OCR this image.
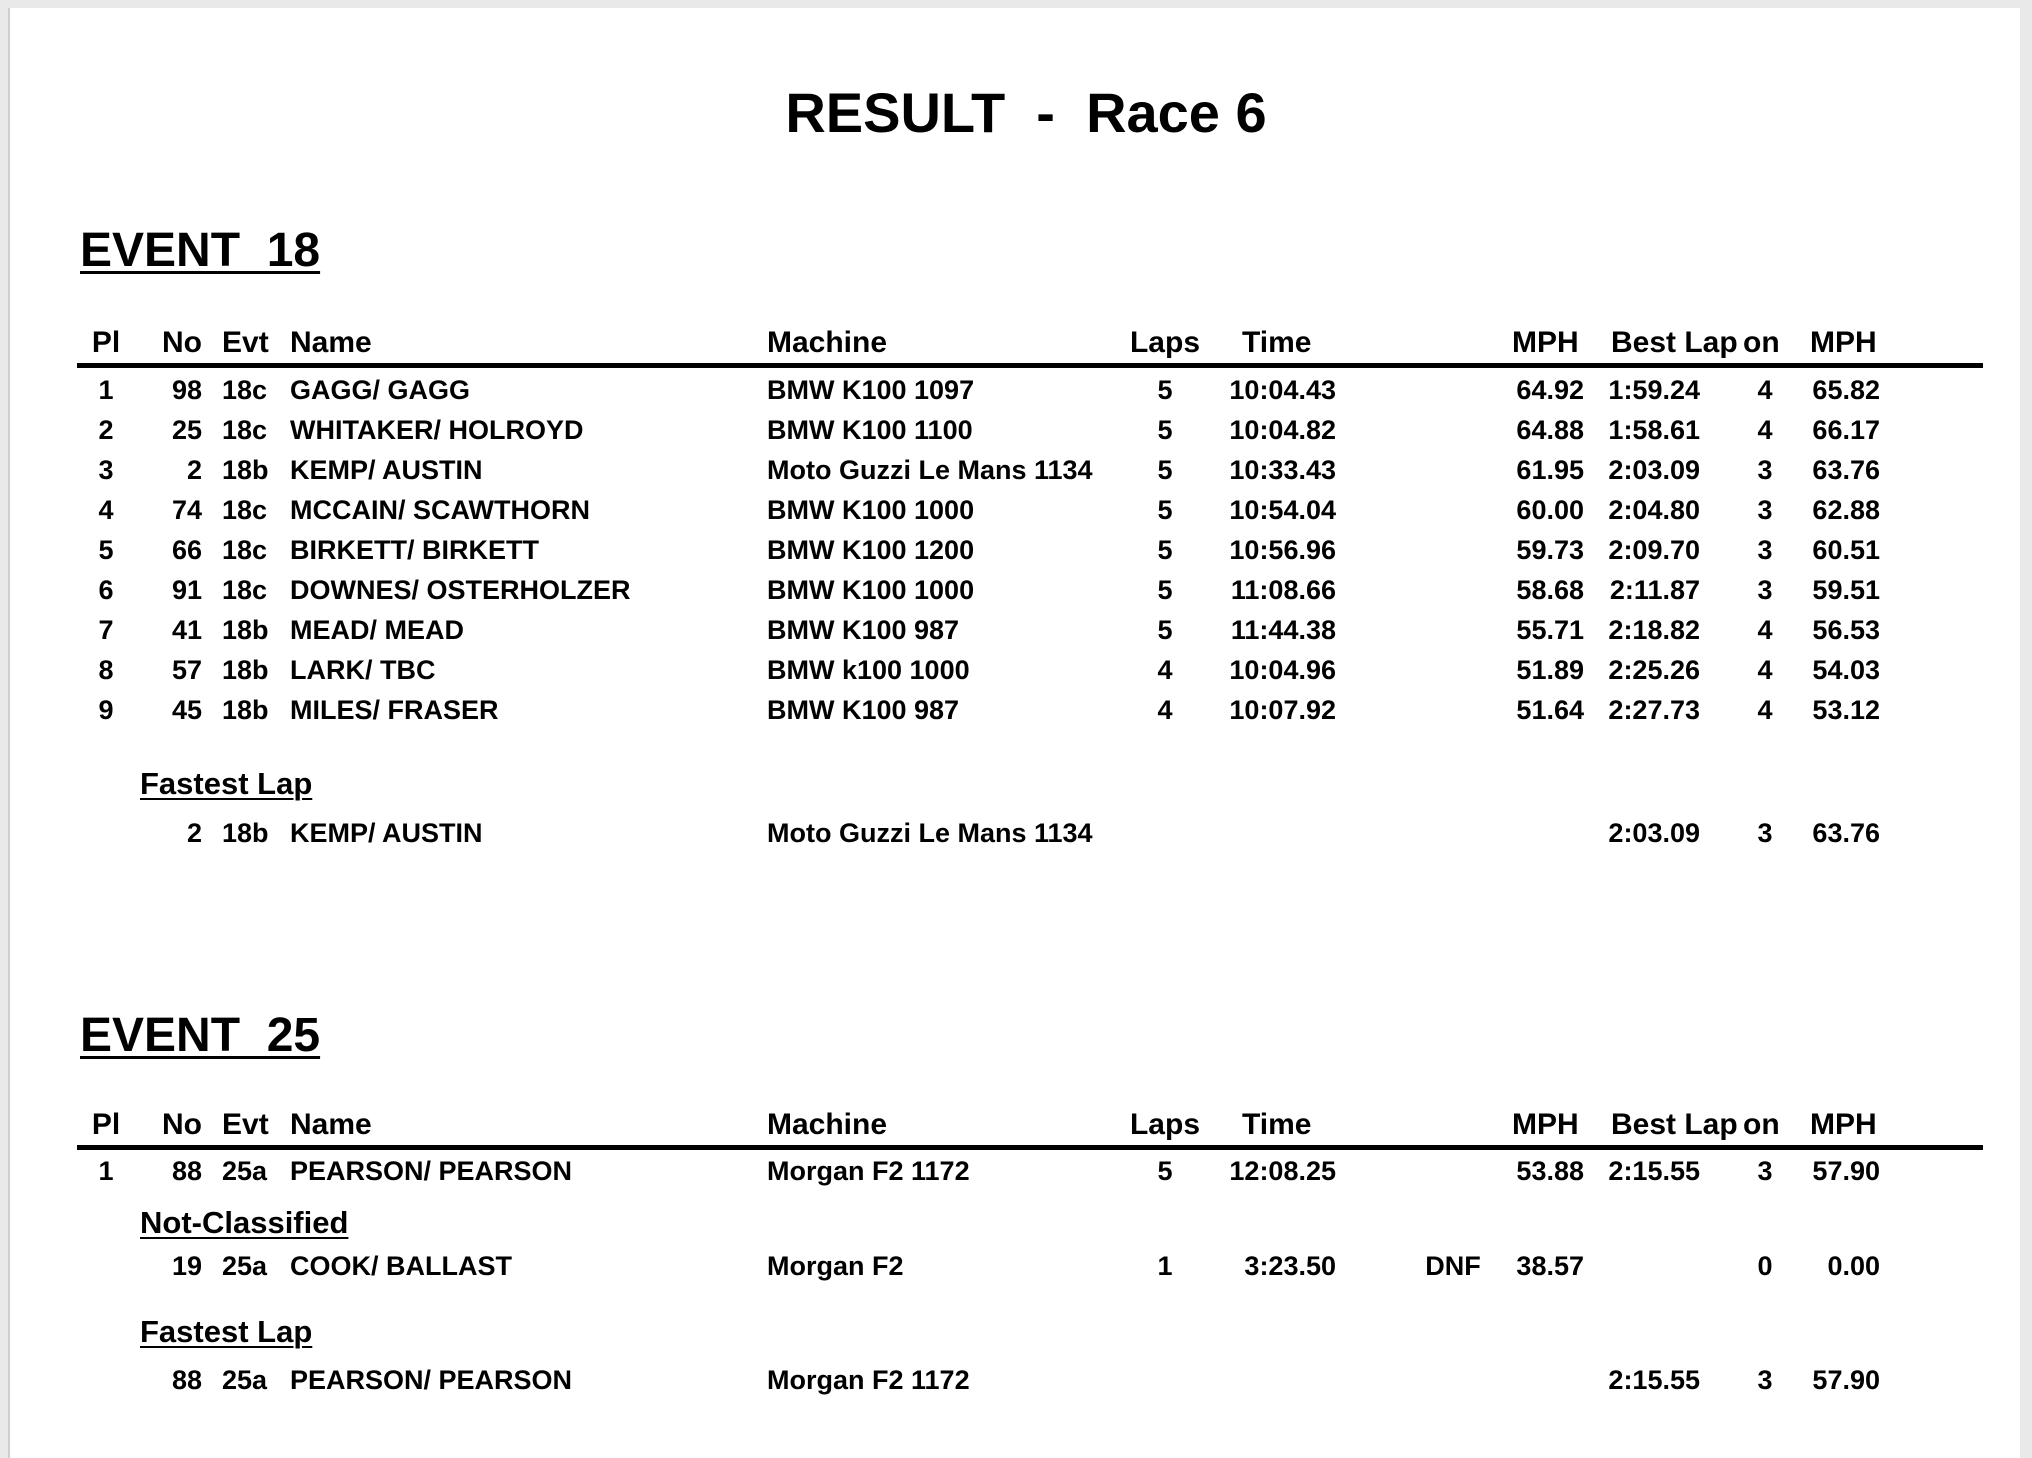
RESULT  -  Race 6
EVENT  18
Pl	No Evt Name	Machine	Laps	Time	MPH Best Lap on MPH
1	98 18c GAGG/ GAGG	BMW K100 1097	5	10:04.43	64.92 1:59.24	4	65.82
2	25 18c WHITAKER/ HOLROYD	BMW K100 1100	5	10:04.82	64.88 1:58.61	4	66.17
3	2 18b KEMP/ AUSTIN	Moto Guzzi Le Mans 1134	5	10:33.43	61.95 2:03.09	3	63.76
4	74 18c MCCAIN/ SCAWTHORN	BMW K100 1000	5	10:54.04	60.00 2:04.80	3	62.88
5	66 18c BIRKETT/ BIRKETT	BMW K100 1200	5	10:56.96	59.73 2:09.70	3	60.51
6	91 18c DOWNES/ OSTERHOLZER	BMW K100 1000	5	11:08.66	58.68 2:11.87	3	59.51
7	41 18b MEAD/ MEAD	BMW K100 987	5	11:44.38	55.71 2:18.82	4	56.53
8	57 18b LARK/ TBC	BMW k100 1000	4	10:04.96	51.89 2:25.26	4	54.03
9	45 18b MILES/ FRASER	BMW K100 987	4	10:07.92	51.64 2:27.73	4	53.12
Fastest Lap
2 18b KEMP/ AUSTIN	Moto Guzzi Le Mans 1134	2:03.09	3	63.76
EVENT  25
Pl	No Evt Name	Machine	Laps	Time	MPH Best Lap on MPH
1	88 25a PEARSON/ PEARSON	Morgan F2 1172	5	12:08.25	53.88 2:15.55	3	57.90
Not-Classified
19 25a COOK/ BALLAST	Morgan F2	1	3:23.50	DNF	38.57	0	0.00
Fastest Lap
88 25a PEARSON/ PEARSON	Morgan F2 1172	2:15.55	3	57.90
